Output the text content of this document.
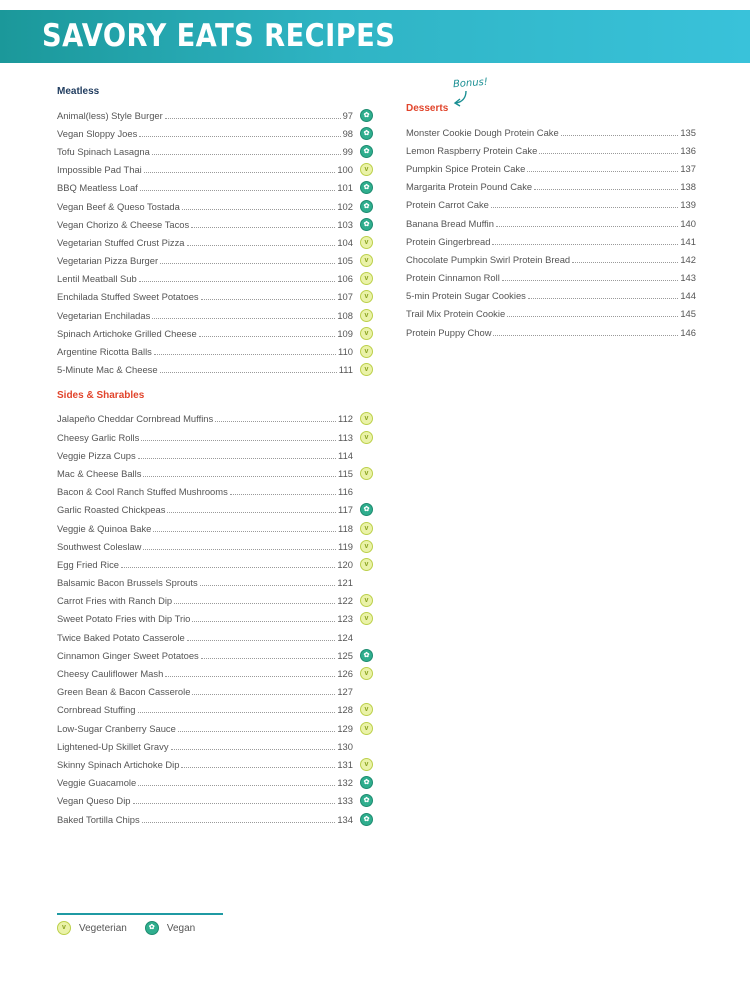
SAVORY EATS RECIPES
Meatless
Animal(less) Style Burger	97	✿
Vegan Sloppy Joes	98	✿
Tofu Spinach Lasagna	99	✿
Impossible Pad Thai	100	v
BBQ Meatless Loaf	101	✿
Vegan Beef & Queso Tostada	102	✿
Vegan Chorizo & Cheese Tacos	103	✿
Vegetarian Stuffed Crust Pizza	104	v
Vegetarian Pizza Burger	105	v
Lentil Meatball Sub	106	v
Enchilada Stuffed Sweet Potatoes	107	v
Vegetarian Enchiladas	108	v
Spinach Artichoke Grilled Cheese	109	v
Argentine Ricotta Balls	110	v
5-Minute Mac & Cheese	111	v
Sides & Sharables
Jalapeño Cheddar Cornbread Muffins	112	v
Cheesy Garlic Rolls	113	v
Veggie Pizza Cups	114
Mac & Cheese Balls	115	v
Bacon & Cool Ranch Stuffed Mushrooms	116
Garlic Roasted Chickpeas	117	✿
Veggie & Quinoa Bake	118	v
Southwest Coleslaw	119	v
Egg Fried Rice	120	v
Balsamic Bacon Brussels Sprouts	121
Carrot Fries with Ranch Dip	122	v
Sweet Potato Fries with Dip Trio	123	v
Twice Baked Potato Casserole	124
Cinnamon Ginger Sweet Potatoes	125	✿
Cheesy Cauliflower Mash	126	v
Green Bean & Bacon Casserole	127
Cornbread Stuffing	128	v
Low-Sugar Cranberry Sauce	129	v
Lightened-Up Skillet Gravy	130
Skinny Spinach Artichoke Dip	131	v
Veggie Guacamole	132	✿
Vegan Queso Dip	133	✿
Baked Tortilla Chips	134	✿
Bonus!
Desserts
Monster Cookie Dough Protein Cake	135
Lemon Raspberry Protein Cake	136
Pumpkin Spice Protein Cake	137
Margarita Protein Pound Cake	138
Protein Carrot Cake	139
Banana Bread Muffin	140
Protein Gingerbread	141
Chocolate Pumpkin Swirl Protein Bread	142
Protein Cinnamon Roll	143
5-min Protein Sugar Cookies	144
Trail Mix Protein Cookie	145
Protein Puppy Chow	146
v	Vegeterian	✿	Vegan
